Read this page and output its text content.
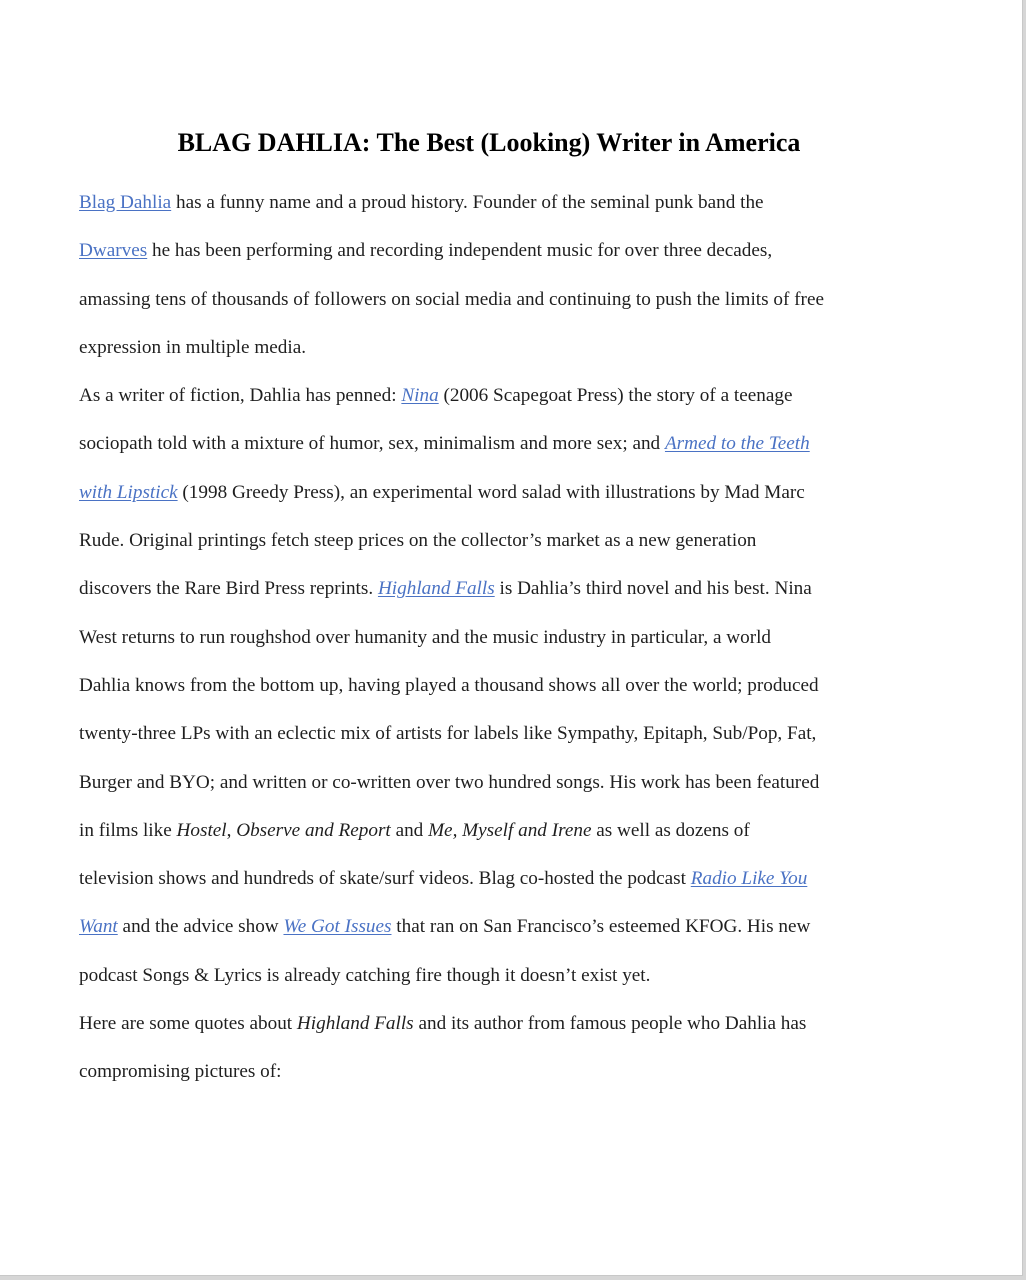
BLAG DAHLIA: The Best (Looking) Writer in America

Blag Dahlia has a funny name and a proud history. Founder of the seminal punk band the
Dwarves he has been performing and recording independent music for over three decades,
amassing tens of thousands of followers on social media and continuing to push the limits of free
expression in multiple media.

As a writer of fiction, Dahlia has penned: Nina (2006 Scapegoat Press) the story of a teenage
sociopath told with a mixture of humor, sex, minimalism and more sex; and Armed to the Teeth
with Lipstick (1998 Greedy Press), an experimental word salad with illustrations by Mad Marc
Rude. Original printings fetch steep prices on the collector’s market as a new generation
discovers the Rare Bird Press reprints. Highland Falls is Dahlia’s third novel and his best. Nina
West returns to run roughshod over humanity and the music industry in particular, a world
Dahlia knows from the bottom up, having played a thousand shows all over the world; produced
twenty-three LPs with an eclectic mix of artists for labels like Sympathy, Epitaph, Sub/Pop, Fat,
Burger and BYO; and written or co-written over two hundred songs. His work has been featured
in films like Hostel, Observe and Report and Me, Myself and Irene as well as dozens of
television shows and hundreds of skate/surf videos. Blag co-hosted the podcast Radio Like You
Want and the advice show We Got Issues that ran on San Francisco’s esteemed KFOG. His new
podcast Songs & Lyrics is already catching fire though it doesn’t exist yet.

Here are some quotes about Highland Falls and its author from famous people who Dahlia has
compromising pictures of:
